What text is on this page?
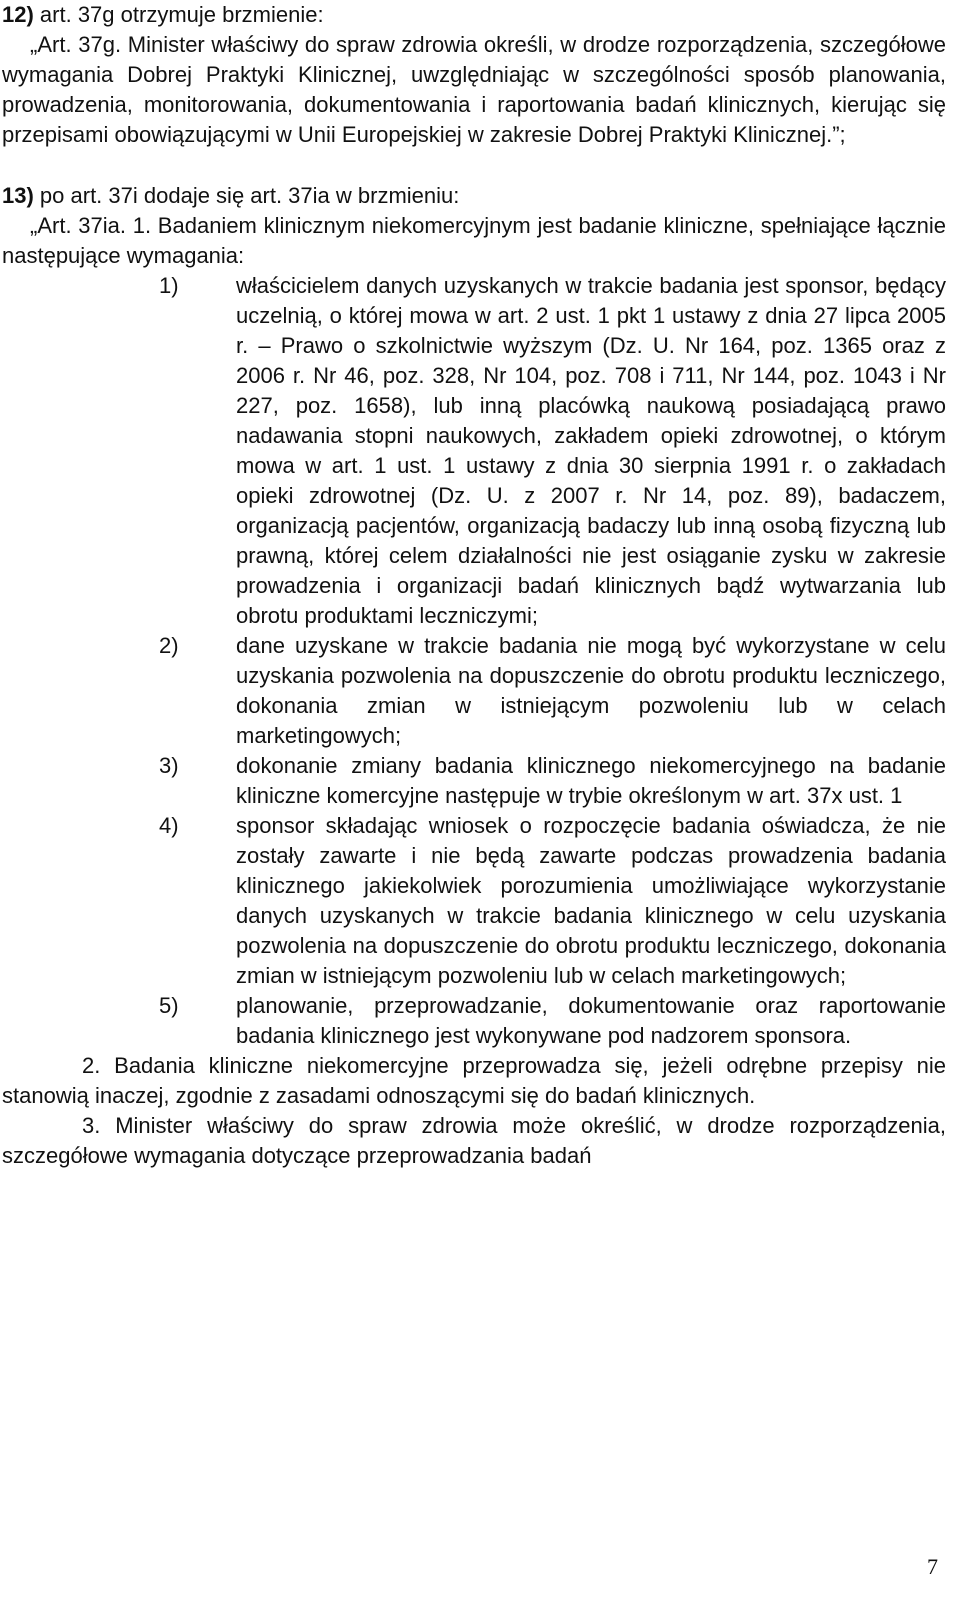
12) art. 37g otrzymuje brzmienie:

„Art. 37g. Minister właściwy do spraw zdrowia określi, w drodze rozporządzenia, szczegółowe wymagania Dobrej Praktyki Klinicznej, uwzględniając w szczególności sposób planowania, prowadzenia, monitorowania, dokumentowania i raportowania badań klinicznych, kierując się przepisami obowiązującymi w Unii Europejskiej w zakresie Dobrej Praktyki Klinicznej.”;

13) po art. 37i dodaje się art. 37ia w brzmieniu:

„Art. 37ia. 1. Badaniem klinicznym niekomercyjnym jest badanie kliniczne, spełniające łącznie następujące wymagania:

1)	właścicielem danych uzyskanych w trakcie badania jest sponsor, będący uczelnią, o której mowa w art. 2 ust. 1 pkt 1 ustawy z dnia 27 lipca 2005 r. – Prawo o szkolnictwie wyższym (Dz. U. Nr 164, poz. 1365 oraz z 2006 r. Nr 46, poz. 328, Nr 104, poz. 708 i 711, Nr 144, poz. 1043 i Nr 227, poz. 1658), lub inną placówką naukową posiadającą prawo nadawania stopni naukowych, zakładem opieki zdrowotnej, o którym mowa w art. 1 ust. 1 ustawy z dnia 30 sierpnia 1991 r. o zakładach opieki zdrowotnej (Dz. U. z 2007 r. Nr 14, poz. 89), badaczem, organizacją pacjentów, organizacją badaczy lub inną osobą fizyczną lub prawną, której celem działalności nie jest osiąganie zysku w zakresie prowadzenia i organizacji badań klinicznych bądź wytwarzania lub obrotu produktami leczniczymi;
2)	dane uzyskane w trakcie badania nie mogą być wykorzystane w celu uzyskania pozwolenia na dopuszczenie do obrotu produktu leczniczego, dokonania zmian w istniejącym pozwoleniu lub w celach marketingowych;
3)	dokonanie zmiany badania klinicznego niekomercyjnego na badanie kliniczne komercyjne następuje w trybie określonym w art. 37x ust. 1
4)	sponsor składając wniosek o rozpoczęcie badania oświadcza, że nie zostały zawarte i nie będą zawarte podczas prowadzenia badania klinicznego jakiekolwiek porozumienia umożliwiające wykorzystanie danych uzyskanych w trakcie badania klinicznego w celu uzyskania pozwolenia na dopuszczenie do obrotu produktu leczniczego, dokonania zmian w istniejącym pozwoleniu lub w celach marketingowych;
5)	planowanie, przeprowadzanie, dokumentowanie oraz raportowanie badania klinicznego jest wykonywane pod nadzorem sponsora.

2. Badania kliniczne niekomercyjne przeprowadza się, jeżeli odrębne przepisy nie stanowią inaczej, zgodnie z zasadami odnoszącymi się do badań klinicznych.

3. Minister właściwy do spraw zdrowia może określić, w drodze rozporządzenia, szczegółowe wymagania dotyczące przeprowadzania badań

7
